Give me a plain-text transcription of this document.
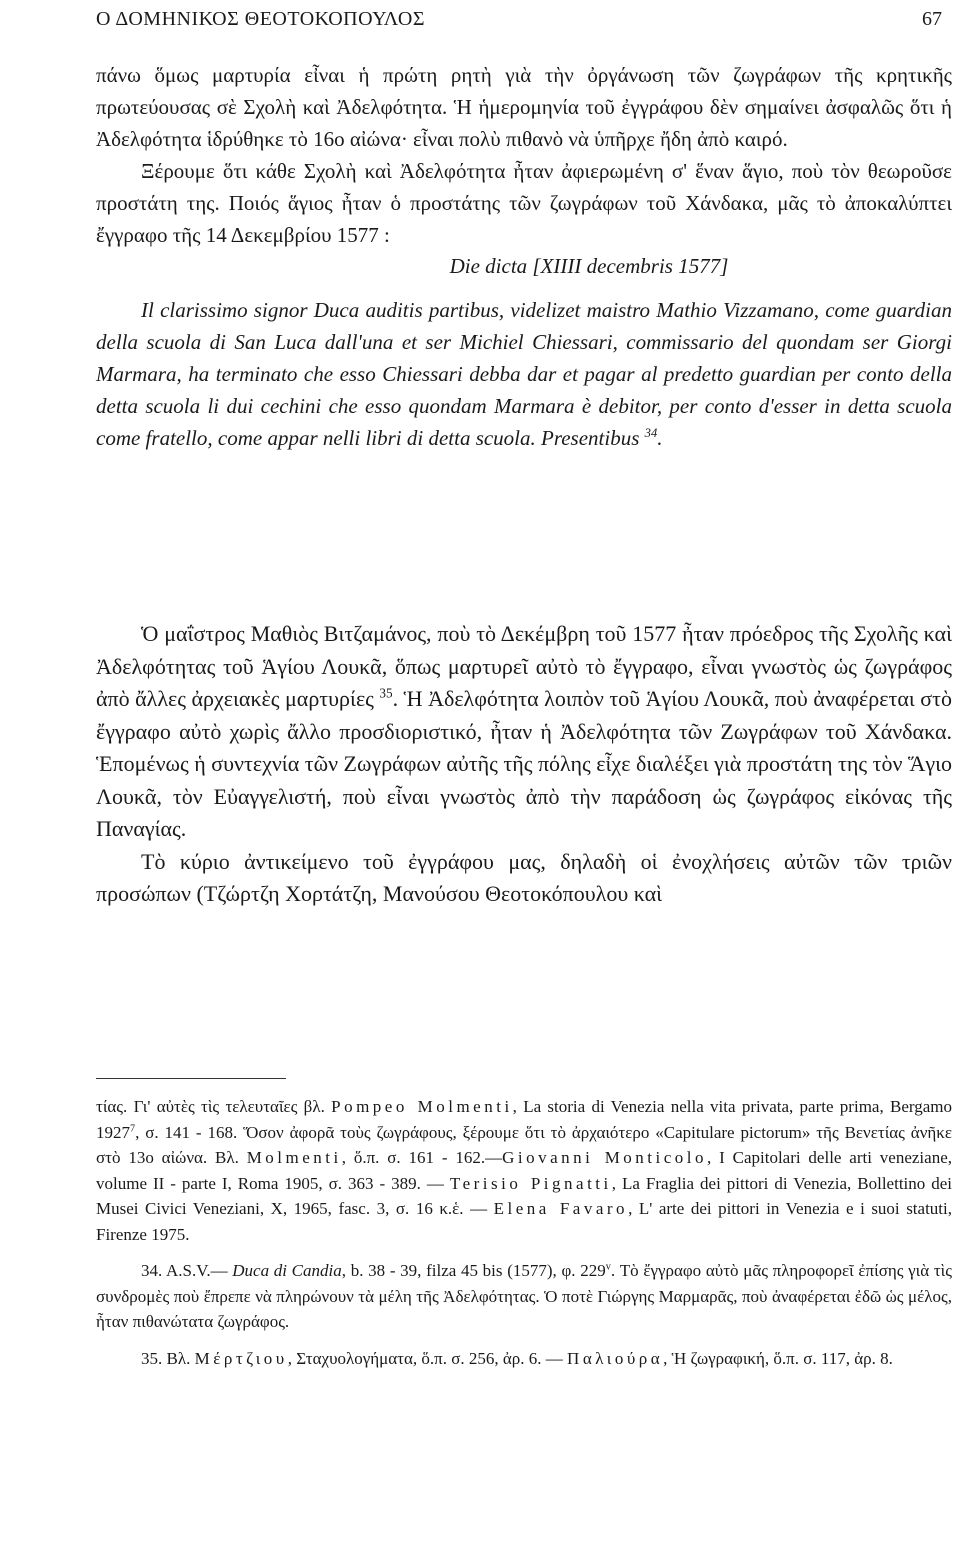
Ο ΔΟΜΗΝΙΚΟΣ ΘΕΟΤΟΚΟΠΟΥΛΟΣ	67

πάνω ὅμως μαρτυρία εἶναι ἡ πρώτη ρητὴ γιὰ τὴν ὀργάνωση τῶν ζωγράφων τῆς κρητικῆς πρωτεύουσας σὲ Σχολὴ καὶ Ἀδελφότητα. Ἡ ἡμερομηνία τοῦ ἐγγράφου δὲν σημαίνει ἀσφαλῶς ὅτι ἡ Ἀδελφότητα ἱδρύθηκε τὸ 16ο αἰώνα· εἶναι πολὺ πιθανὸ νὰ ὑπῆρχε ἤδη ἀπὸ καιρό.

Ξέρουμε ὅτι κάθε Σχολὴ καὶ Ἀδελφότητα ἦταν ἀφιερωμένη σ' ἕναν ἅγιο, ποὺ τὸν θεωροῦσε προστάτη της. Ποιός ἅγιος ἦταν ὁ προστάτης τῶν ζωγράφων τοῦ Χάνδακα, μᾶς τὸ ἀποκαλύπτει ἔγγραφο τῆς 14 Δεκεμβρίου 1577 :

Die dicta [XIIII decembris 1577]

Il clarissimo signor Duca auditis partibus, videlizet maistro Mathio Vizzamano, come guardian della scuola di San Luca dall'una et ser Michiel Chiessari, commissario del quondam ser Giorgi Marmara, ha terminato che esso Chiessari debba dar et pagar al predetto guardian per conto della detta scuola li dui cechini che esso quondam Marmara è debitor, per conto d'esser in detta scuola come fratello, come appar nelli libri di detta scuola. Presentibus $^{34}$.

Ὁ μαΐστρος Μαθιὸς Βιτζαμάνος, ποὺ τὸ Δεκέμβρη τοῦ 1577 ἦταν πρόεδρος τῆς Σχολῆς καὶ Ἀδελφότητας τοῦ Ἁγίου Λουκᾶ, ὅπως μαρτυρεῖ αὐτὸ τὸ ἔγγραφο, εἶναι γνωστὸς ὡς ζωγράφος ἀπὸ ἄλλες ἀρχειακὲς μαρτυρίες $^{35}$. Ἡ Ἀδελφότητα λοιπὸν τοῦ Ἁγίου Λουκᾶ, ποὺ ἀναφέρεται στὸ ἔγγραφο αὐτὸ χωρὶς ἄλλο προσδιοριστικό, ἦταν ἡ Ἀδελφότητα τῶν Ζωγράφων τοῦ Χάνδακα. Ἑπομένως ἡ συντεχνία τῶν Ζωγράφων αὐτῆς τῆς πόλης εἶχε διαλέξει γιὰ προστάτη της τὸν Ἅγιο Λουκᾶ, τὸν Εὐαγγελιστή, ποὺ εἶναι γνωστὸς ἀπὸ τὴν παράδοση ὡς ζωγράφος εἰκόνας τῆς Παναγίας.

Τὸ κύριο ἀντικείμενο τοῦ ἐγγράφου μας, δηλαδὴ οἱ ἐνοχλήσεις αὐτῶν τῶν τριῶν προσώπων (Τζώρτζη Χορτάτζη, Μανούσου Θεοτοκόπουλου καὶ

τίας. Γι' αὐτὲς τὶς τελευταῖες βλ. Pompeo Molmenti, La storia di Venezia nella vita privata, parte prima, Bergamo 1927$^7$, σ. 141 - 168. Ὅσον ἀφορᾶ τοὺς ζωγράφους, ξέρουμε ὅτι τὸ ἀρχαιότερο «Capitulare pictorum» τῆς Βενετίας ἀνῆκε στὸ 13ο αἰώνα. Βλ. Molmenti, ὅ.π. σ. 161 - 162.—Giovanni Monticolo, I Capitolari delle arti veneziane, volume II - parte I, Roma 1905, σ. 363 - 389. — Terisio Pignatti, La Fraglia dei pittori di Venezia, Bollettino dei Musei Civici Veneziani, X, 1965, fasc. 3, σ. 16 κ.ἑ. — Elena Favaro, L' arte dei pittori in Venezia e i suoi statuti, Firenze 1975.

34. A.S.V.— Duca di Candia, b. 38 - 39, filza 45 bis (1577), φ. 229$^v$. Τὸ ἔγγραφο αὐτὸ μᾶς πληροφορεῖ ἐπίσης γιὰ τὶς συνδρομὲς ποὺ ἔπρεπε νὰ πληρώνουν τὰ μέλη τῆς Ἀδελφότητας. Ὁ ποτὲ Γιώργης Μαρμαρᾶς, ποὺ ἀναφέρεται ἐδῶ ὡς μέλος, ἦταν πιθανώτατα ζωγράφος.

35. Βλ. Μέρτζιου, Σταχυολογήματα, ὅ.π. σ. 256, ἀρ. 6. — Παλιούρα, Ἡ ζωγραφική, ὅ.π. σ. 117, ἀρ. 8.
